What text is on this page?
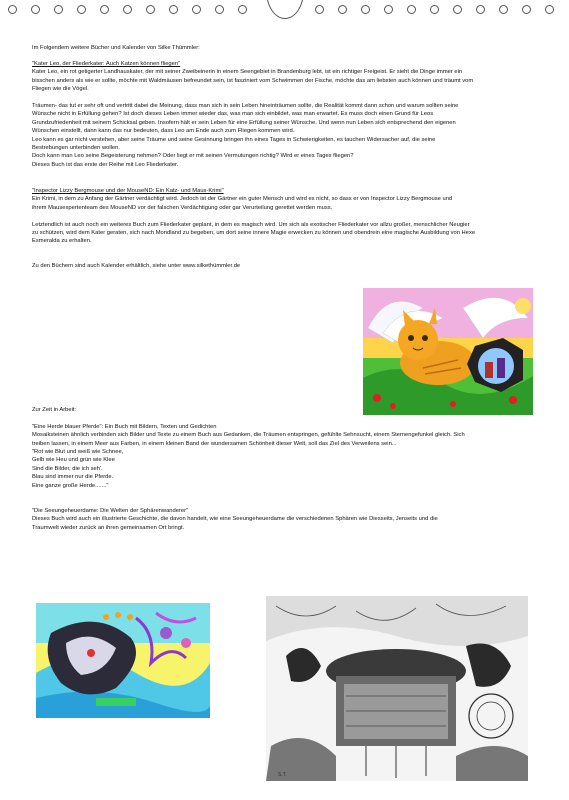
Im Folgendem weitere Bücher und Kalender von Silke Thümmler:

"Kater Leo, der Fliederkater: Auch Katzen können fliegen"

Kater Leo, ein rot getigerter Landhauskater, der mit seiner Zweibeinerin in einem Seengebiet in Brandenburg lebt, ist ein richtiger Freigeist. Er sieht die Dinge immer ein

bisschen anders als wie er sollte, möchte mit Waldmäusen befreundet sein, ist fasziniert vom Schwimmen der Fische, möchte das am liebsten auch können und träumt vom

Fliegen wie die Vögel.

Träumen- das tut er sehr oft und vertritt dabei die Meinung, dass man sich in sein Leben hineinträumen sollte, die Realität kommt dann schon und warum sollten seine

Wünsche nicht in Erfüllung gehen? Ist doch dieses Leben immer wieder das, was man sich einbildet, was man erwartet. Es muss doch einen Grund für Leos

Grundzufriedenheit mit seinem Schicksal geben. Insofern hält er sein Leben für eine Erfüllung seiner Wünsche. Und wenn nun Leben sich entsprechend den eigenen

Wünschen einstellt, dann kann das nur bedeuten, dass Leo am Ende auch zum Fliegen kommen wird.

Leo kann es gar nicht verstehen, aber seine Träume und seine Gesinnung bringen ihn eines Tages in Schwierigkeiten, es tauchen Widersacher auf, die seine

Bestrebungen unterbinden wollen.

Doch kann man Leo seine Begeisterung nehmen? Oder liegt er mit seinen Vermutungen richtig? Wird er eines Tages fliegen?

Dieses Buch ist das erste der Reihe mit Leo Fliederkater.

"Inspector Lizzy Bergmouse und der MouseND: Ein Katz- und Maus-Krimi"

Ein Krimi, in dem zu Anfang der Gärtner verdächtigt wird. Jedoch ist der Gärtner ein guter Mensch und wird es nicht, so dass er von Inspector Lizzy Bergmouse und

ihrem Mausexpertenteam des MouseND vor der falschen Verdächtigung oder gar Verurteilung gerettet werden muss.

Letztendlich ist auch noch ein weiteres Buch zum Fliederkater geplant, in dem es magisch wird. Um sich als exotischer Fliederkater vor allzu großer, menschlicher Neugier

zu schützen, wird dem Kater geraten, sich nach Mondland zu begeben, um dort seine innere Magie erwecken zu können und obendrein eine magische Ausbildung von Hexe

Esmeralda zu erhalten.

Zu den Büchern sind auch Kalender erhältlich, siehe unter www.silkethümmler.de

Zur Zeit in Arbeit:

"Eine Herde blauer Pferde": Ein Buch mit Bildern, Texten und Gedichten

Mosaiksteinen ähnlich verbinden sich Bilder und Texte zu einem Buch aus Gedanken, die Träumen entspringen, gefühlte Sehnsucht, einem Sternengefunkel gleich. Sich

treiben lassen, in einem Meer aus Farben, in einem kleinen Band der wundersamen Schönheit dieser Welt, soll das Ziel des Verweilens sein...

"Rot wie Blut und weiß wie Schnee,

Gelb wie Heu und grün wie Klee

Sind die Bilder, die ich seh'.

Blau sind immer nur die Pferde.

Eine ganze große Herde......."

"Die Seeungeheuerdame: Die Welten der Sphärenwanderer"

Dieses Buch wird auch ein illustrierte Geschichte, die davon handelt, wie eine Seeungeheuerdame die verschiedenen Sphären wie Diesseits, Jenseits und die

Traumwelt wieder zurück an ihren gemeinsamen Ort bringt.

S.T.
